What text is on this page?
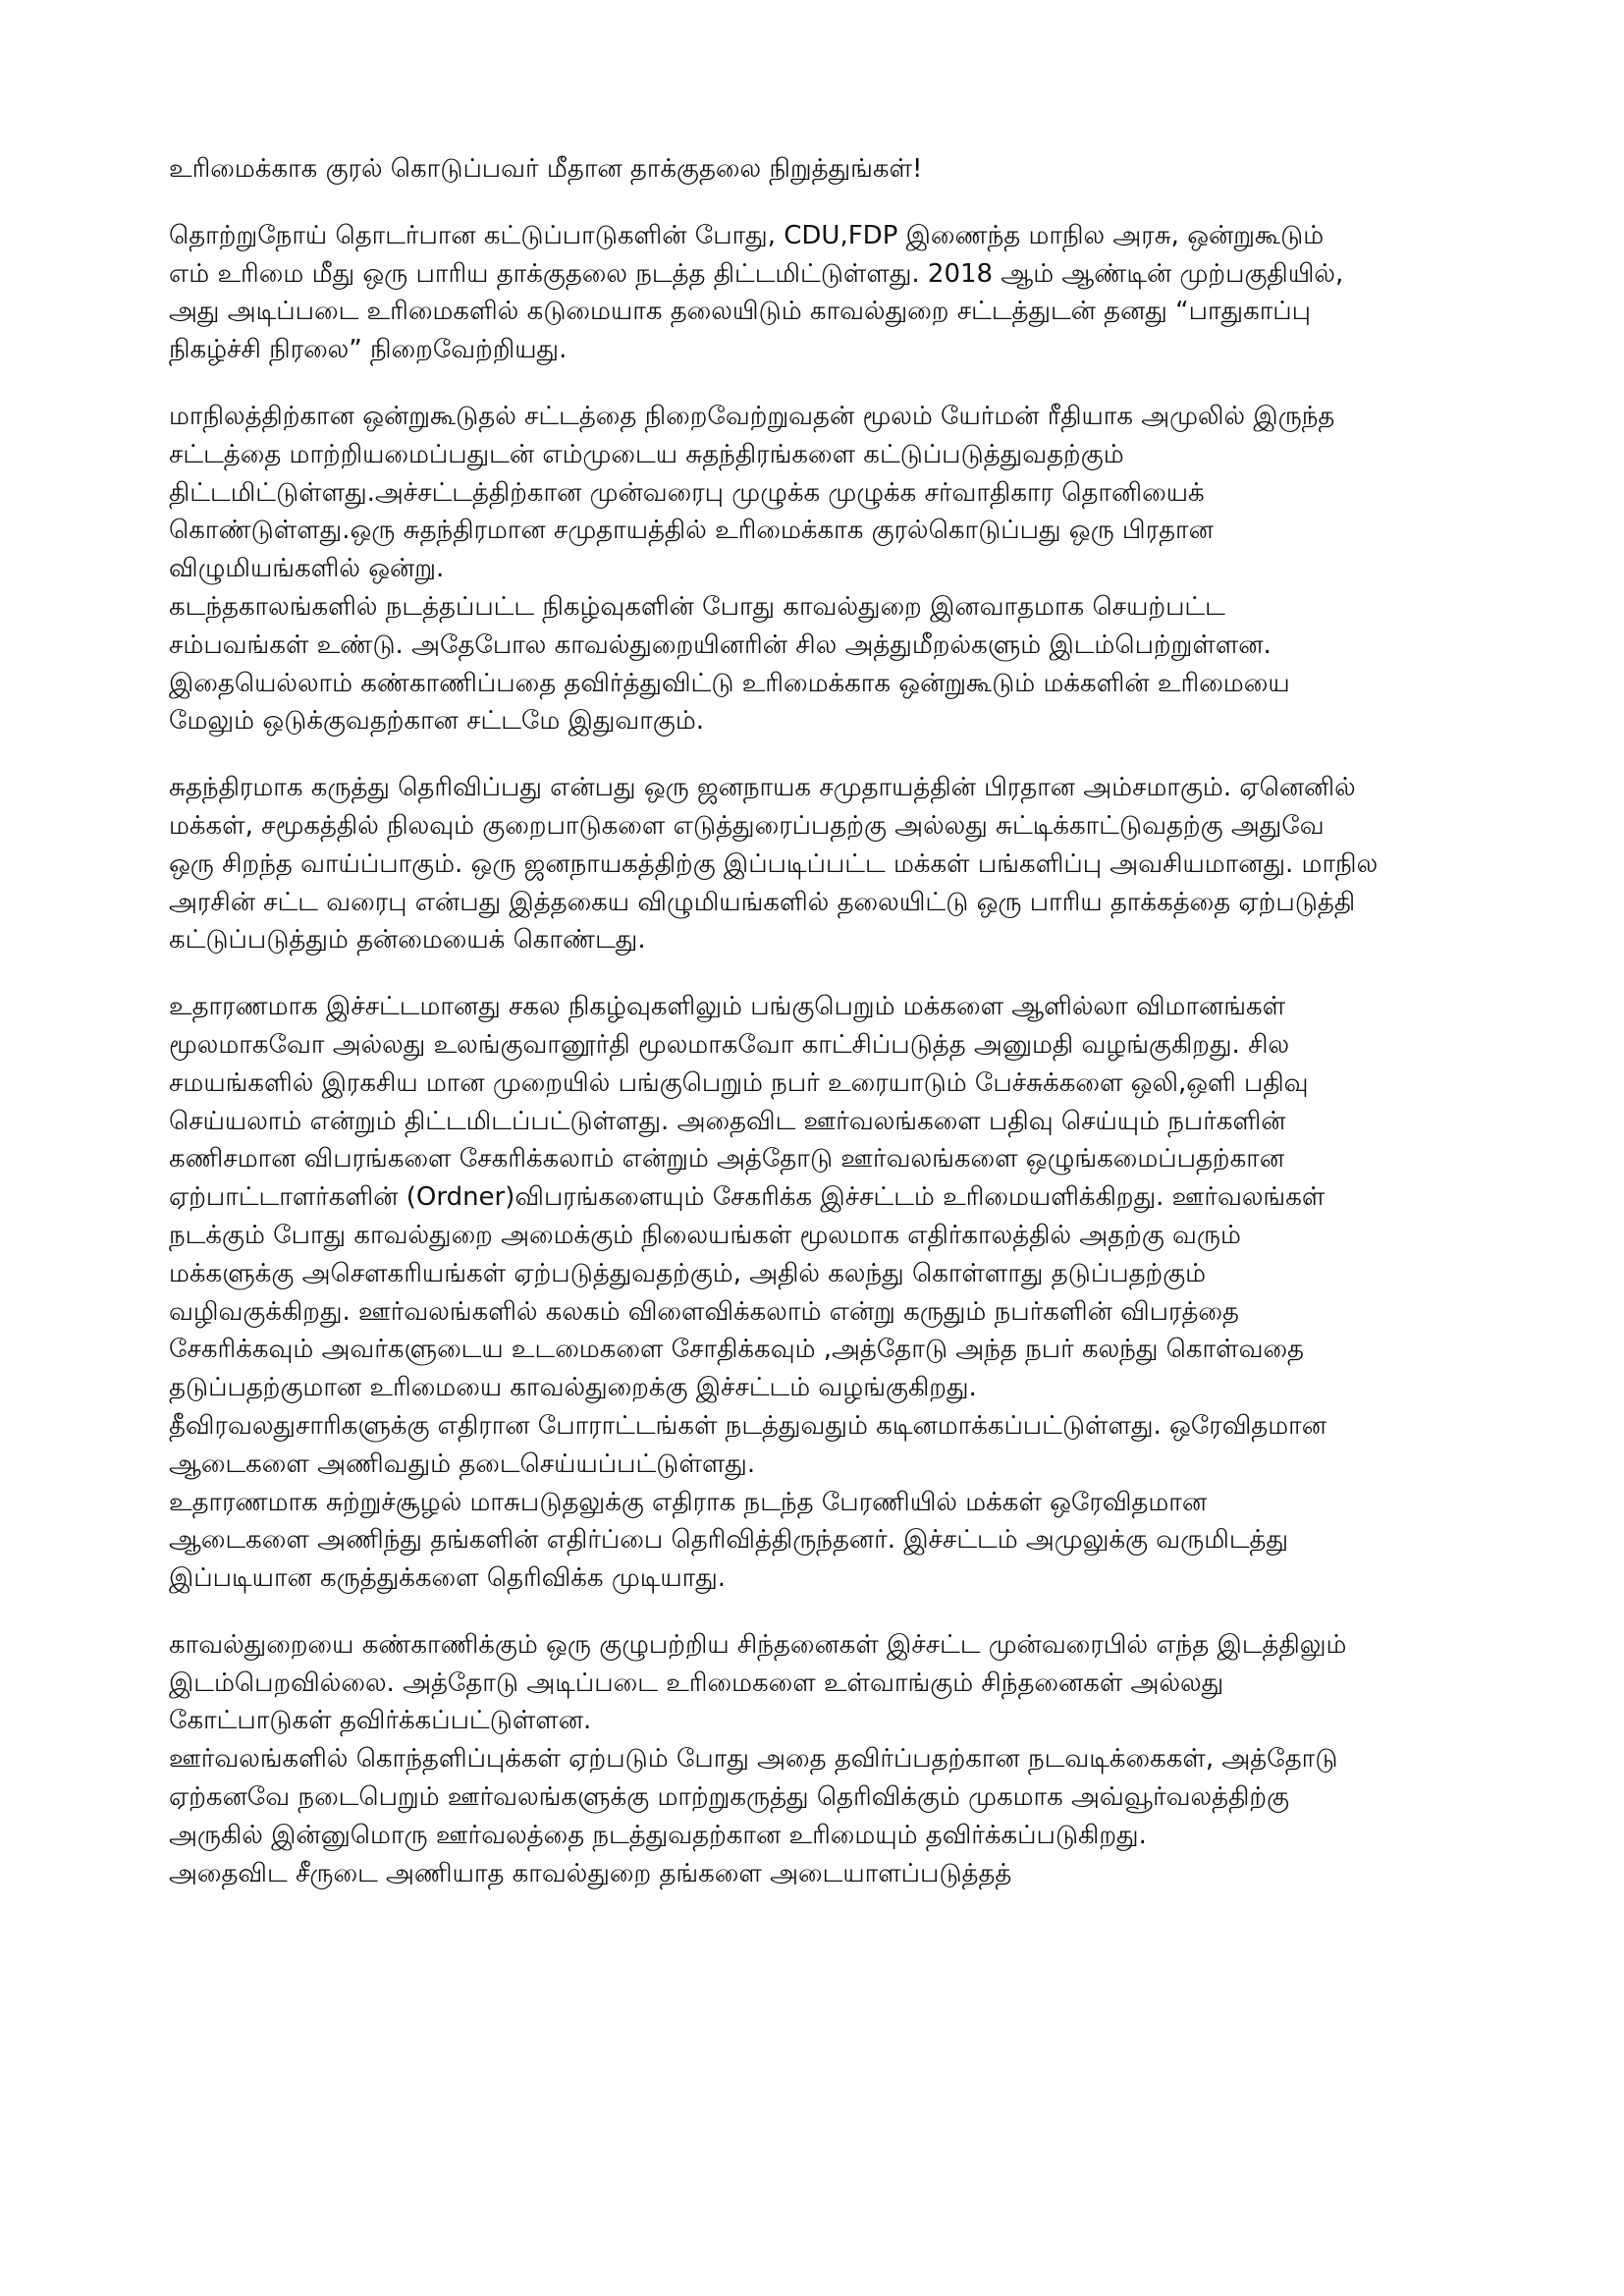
உரிமைக்காக குரல் கொடுப்பவர் மீதான தாக்குதலை நிறுத்துங்கள்!
தொற்றுநோய் தொடர்பான கட்டுப்பாடுகளின் போது, CDU,FDP இணைந்த மாநில அரசு, ஒன்றுகூடும்
எம் உரிமை மீது ஒரு பாரிய தாக்குதலை நடத்த திட்டமிட்டுள்ளது. 2018 ஆம் ஆண்டின் முற்பகுதியில்,
அது அடிப்படை உரிமைகளில் கடுமையாக தலையிடும் காவல்துறை சட்டத்துடன் தனது “பாதுகாப்பு
நிகழ்ச்சி நிரலை” நிறைவேற்றியது.
மாநிலத்திற்கான ஒன்றுகூடுதல் சட்டத்தை நிறைவேற்றுவதன் மூலம் யேர்மன் ரீதியாக அமுலில் இருந்த
சட்டத்தை மாற்றியமைப்பதுடன் எம்முடைய சுதந்திரங்களை கட்டுப்படுத்துவதற்கும்
திட்டமிட்டுள்ளது.அச்சட்டத்திற்கான முன்வரைபு முழுக்க முழுக்க சர்வாதிகார தொனியைக்
கொண்டுள்ளது.ஒரு சுதந்திரமான சமுதாயத்தில் உரிமைக்காக குரல்கொடுப்பது ஒரு பிரதான
விழுமியங்களில் ஒன்று.
கடந்தகாலங்களில் நடத்தப்பட்ட நிகழ்வுகளின் போது காவல்துறை இனவாதமாக செயற்பட்ட
சம்பவங்கள் உண்டு. அதேபோல காவல்துறையினரின் சில அத்துமீறல்களும் இடம்பெற்றுள்ளன.
இதையெல்லாம் கண்காணிப்பதை தவிர்த்துவிட்டு உரிமைக்காக ஒன்றுகூடும் மக்களின் உரிமையை
மேலும் ஒடுக்குவதற்கான சட்டமே இதுவாகும்.
சுதந்திரமாக கருத்து தெரிவிப்பது என்பது ஒரு ஜனநாயக சமுதாயத்தின் பிரதான அம்சமாகும். ஏனெனில்
மக்கள், சமூகத்தில் நிலவும் குறைபாடுகளை எடுத்துரைப்பதற்கு அல்லது சுட்டிக்காட்டுவதற்கு அதுவே
ஒரு சிறந்த வாய்ப்பாகும். ஒரு ஜனநாயகத்திற்கு இப்படிப்பட்ட மக்கள் பங்களிப்பு அவசியமானது. மாநில
அரசின் சட்ட வரைபு என்பது இத்தகைய விழுமியங்களில் தலையிட்டு ஒரு பாரிய தாக்கத்தை ஏற்படுத்தி
கட்டுப்படுத்தும் தன்மையைக் கொண்டது.
உதாரணமாக இச்சட்டமானது சகல நிகழ்வுகளிலும் பங்குபெறும் மக்களை ஆளில்லா விமானங்கள்
மூலமாகவோ அல்லது உலங்குவானூர்தி மூலமாகவோ காட்சிப்படுத்த அனுமதி வழங்குகிறது. சில
சமயங்களில் இரகசிய மான முறையில் பங்குபெறும் நபர் உரையாடும் பேச்சுக்களை ஒலி,ஒளி பதிவு
செய்யலாம் என்றும் திட்டமிடப்பட்டுள்ளது. அதைவிட ஊர்வலங்களை பதிவு செய்யும் நபர்களின்
கணிசமான விபரங்களை சேகரிக்கலாம் என்றும் அத்தோடு ஊர்வலங்களை ஒழுங்கமைப்பதற்கான
ஏற்பாட்டாளர்களின் (Ordner)விபரங்களையும் சேகரிக்க இச்சட்டம் உரிமையளிக்கிறது. ஊர்வலங்கள்
நடக்கும் போது காவல்துறை அமைக்கும் நிலையங்கள் மூலமாக எதிர்காலத்தில் அதற்கு வரும்
மக்களுக்கு அசௌகரியங்கள் ஏற்படுத்துவதற்கும், அதில் கலந்து கொள்ளாது தடுப்பதற்கும்
வழிவகுக்கிறது. ஊர்வலங்களில் கலகம் விளைவிக்கலாம் என்று கருதும் நபர்களின் விபரத்தை
சேகரிக்கவும் அவர்களுடைய உடமைகளை சோதிக்கவும் ,அத்தோடு அந்த நபர் கலந்து கொள்வதை
தடுப்பதற்குமான உரிமையை காவல்துறைக்கு இச்சட்டம் வழங்குகிறது.
தீவிரவலதுசாரிகளுக்கு எதிரான போராட்டங்கள் நடத்துவதும் கடினமாக்கப்பட்டுள்ளது. ஒரேவிதமான
ஆடைகளை அணிவதும் தடைசெய்யப்பட்டுள்ளது.
உதாரணமாக சுற்றுச்சூழல் மாசுபடுதலுக்கு எதிராக நடந்த பேரணியில் மக்கள் ஒரேவிதமான
ஆடைகளை அணிந்து தங்களின் எதிர்ப்பை தெரிவித்திருந்தனர். இச்சட்டம் அமுலுக்கு வருமிடத்து
இப்படியான கருத்துக்களை தெரிவிக்க முடியாது.
காவல்துறையை கண்காணிக்கும் ஒரு குழுபற்றிய சிந்தனைகள் இச்சட்ட முன்வரைபில் எந்த இடத்திலும்
இடம்பெறவில்லை. அத்தோடு அடிப்படை உரிமைகளை உள்வாங்கும் சிந்தனைகள் அல்லது
கோட்பாடுகள் தவிர்க்கப்பட்டுள்ளன.
ஊர்வலங்களில் கொந்தளிப்புக்கள் ஏற்படும் போது அதை தவிர்ப்பதற்கான நடவடிக்கைகள், அத்தோடு
ஏற்கனவே நடைபெறும் ஊர்வலங்களுக்கு மாற்றுகருத்து தெரிவிக்கும் முகமாக அவ்வூர்வலத்திற்கு
அருகில் இன்னுமொரு ஊர்வலத்தை நடத்துவதற்கான உரிமையும் தவிர்க்கப்படுகிறது.
அதைவிட சீருடை அணியாத காவல்துறை தங்களை அடையாளப்படுத்தத்
